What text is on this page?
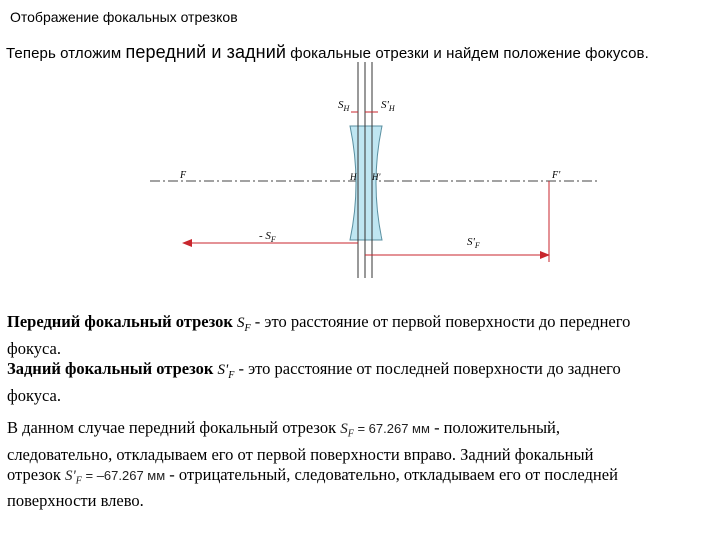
Отображение фокальных отрезков
Теперь отложим передний и задний фокальные отрезки и найдем положение фокусов.
$S_H$	$S'_H$
F	H H'	F'
- $S_F$	$S'_F$
Передний фокальный отрезок $S_F$ - это расстояние от первой поверхности до переднего
фокуса.
Задний фокальный отрезок $S'_F$ - это расстояние от последней поверхности до заднего
фокуса.
В данном случае передний фокальный отрезок $S_F = 67.267$ мм - положительный,
следовательно, откладываем его от первой поверхности вправо. Задний фокальный
отрезок $S'_F = -67.267$ мм - отрицательный, следовательно, откладываем его от последней
поверхности влево.
